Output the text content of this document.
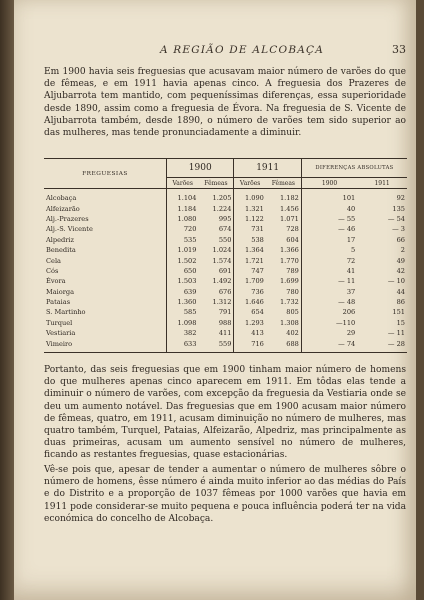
A REGIÃO DE ALCOBAÇA	33

Em 1900 havia seis freguesias que acusavam maior número de varões do que de fêmeas, e em 1911 havia apenas cinco. A freguesia dos Prazeres de Aljubarrota tem mantido, com pequeníssimas diferenças, essa superioridade desde 1890, assim como a freguesia de Évora. Na freguesia de S. Vicente de Aljubarrota também, desde 1890, o número de varões tem sido superior ao das mulheres, mas tende pronunciadamente a diminuir.

FREGUESIAS	1900		1911		DIFERENÇAS ABSOLUTAS	
	Varões	Fêmeas	Varões	Fêmeas	1900	1911
Alcobaça	1.104	1.205	1.090	1.182	101	92
Alfeizarão	1.184	1.224	1.321	1.456	40	135
Alj.-Prazeres	1.080	995	1.122	1.071	— 55	— 54
Alj.-S. Vicente	720	674	731	728	— 46	— 3
Alpedriz	535	550	538	604	17	66
Benedita	1.019	1.024	1.364	1.366	5	2
Cela	1.502	1.574	1.721	1.770	72	49
Cós	650	691	747	789	41	42
Évora	1.503	1.492	1.709	1.699	— 11	— 10
Maiorga	639	676	736	780	37	44
Pataias	1.360	1.312	1.646	1.732	— 48	86
S. Martinho	585	791	654	805	206	151
Turquel	1.098	988	1.293	1.308	—110	15
Vestiaria	382	411	413	402	29	— 11
Vimeiro	633	559	716	688	— 74	— 28

Portanto, das seis freguesias que em 1900 tinham maior número de homens do que mulheres apenas cinco aparecem em 1911. Em tôdas elas tende a diminuir o número de varões, com excepção da freguesia da Vestiaria onde se deu um aumento notável. Das freguesias que em 1900 acusam maior número de fêmeas, quatro, em 1911, acusam diminuição no número de mulheres, mas quatro também, Turquel, Pataias, Alfeizarão, Alpedriz, mas principalmente as duas primeiras, acusam um aumento sensível no número de mulheres, ficando as restantes freguesias, quase estacionárias.

Vê-se pois que, apesar de tender a aumentar o número de mulheres sôbre o número de homens, êsse número é ainda muito inferior ao das médias do País e do Distrito e a proporção de 1037 fêmeas por 1000 varões que havia em 1911 pode considerar-se muito pequena e pouca influência poderá ter na vida económica do concelho de Alcobaça.
